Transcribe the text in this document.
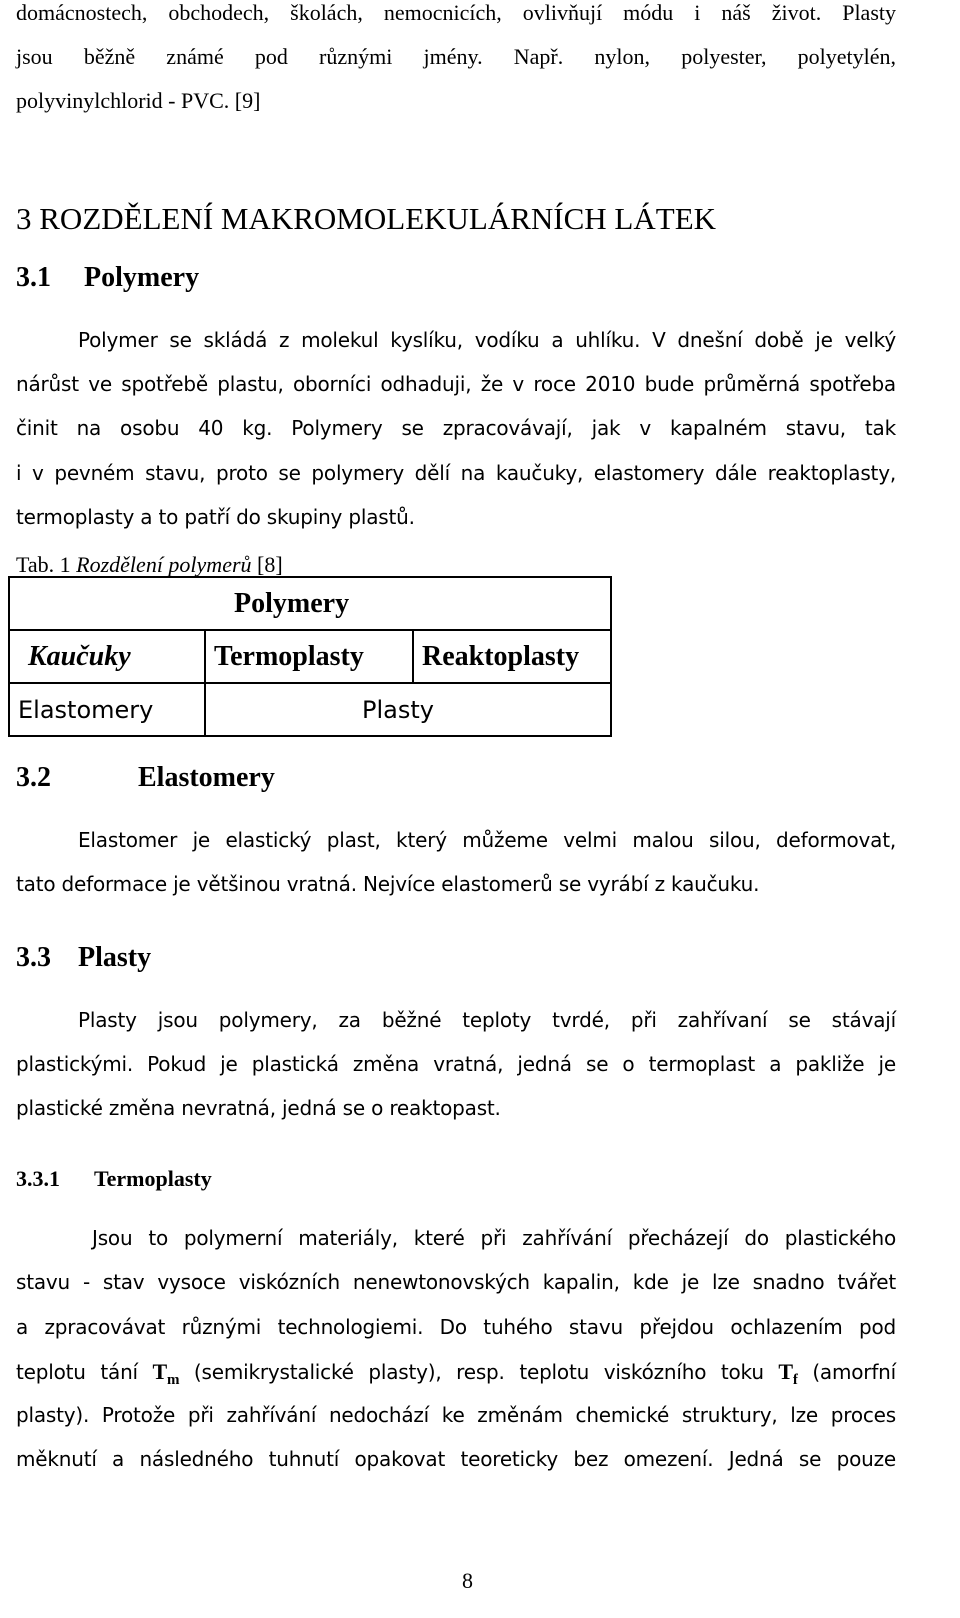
domácnostech, obchodech, školách, nemocnicích, ovlivňují módu i náš život. Plasty
jsou běžně známé pod různými jmény. Např. nylon, polyester, polyetylén,
polyvinylchlorid - PVC. [9]
3 ROZDĚLENÍ MAKROMOLEKULÁRNÍCH LÁTEK
3.1 Polymery
Polymer se skládá z molekul kyslíku, vodíku a uhlíku. V dnešní době je velký
nárůst ve spotřebě plastu, oborníci odhaduji, že v roce 2010 bude průměrná spotřeba
činit na osobu 40 kg. Polymery se zpracovávají, jak v kapalném stavu, tak
i v pevném stavu, proto se polymery dělí na kaučuky, elastomery dále reaktoplasty,
termoplasty a to patří do skupiny plastů.
Tab. 1 Rozdělení polymerů [8]
Polymery		
Kaučuky	Termoplasty	Reaktoplasty
Elastomery	Plasty	
3.2	Elastomery
Elastomer je elastický plast, který můžeme velmi malou silou, deformovat,
tato deformace je většinou vratná. Nejvíce elastomerů se vyrábí z kaučuku.
3.3 Plasty
Plasty jsou polymery, za běžné teploty tvrdé, při zahřívaní se stávají
plastickými. Pokud je plastická změna vratná, jedná se o termoplast a pakliže je
plastické změna nevratná, jedná se o reaktopast.
3.3.1 Termoplasty
Jsou to polymerní materiály, které při zahřívání přecházejí do plastického
stavu - stav vysoce viskózních nenewtonovských kapalin, kde je lze snadno tvářet
a zpracovávat různými technologiemi. Do tuhého stavu přejdou ochlazením pod
teplotu tání $T_m$ (semikrystalické plasty), resp. teplotu viskózního toku $T_f$ (amorfní
plasty). Protože při zahřívání nedochází ke změnám chemické struktury, lze proces
měknutí a následného tuhnutí opakovat teoreticky bez omezení. Jedná se pouze
8
